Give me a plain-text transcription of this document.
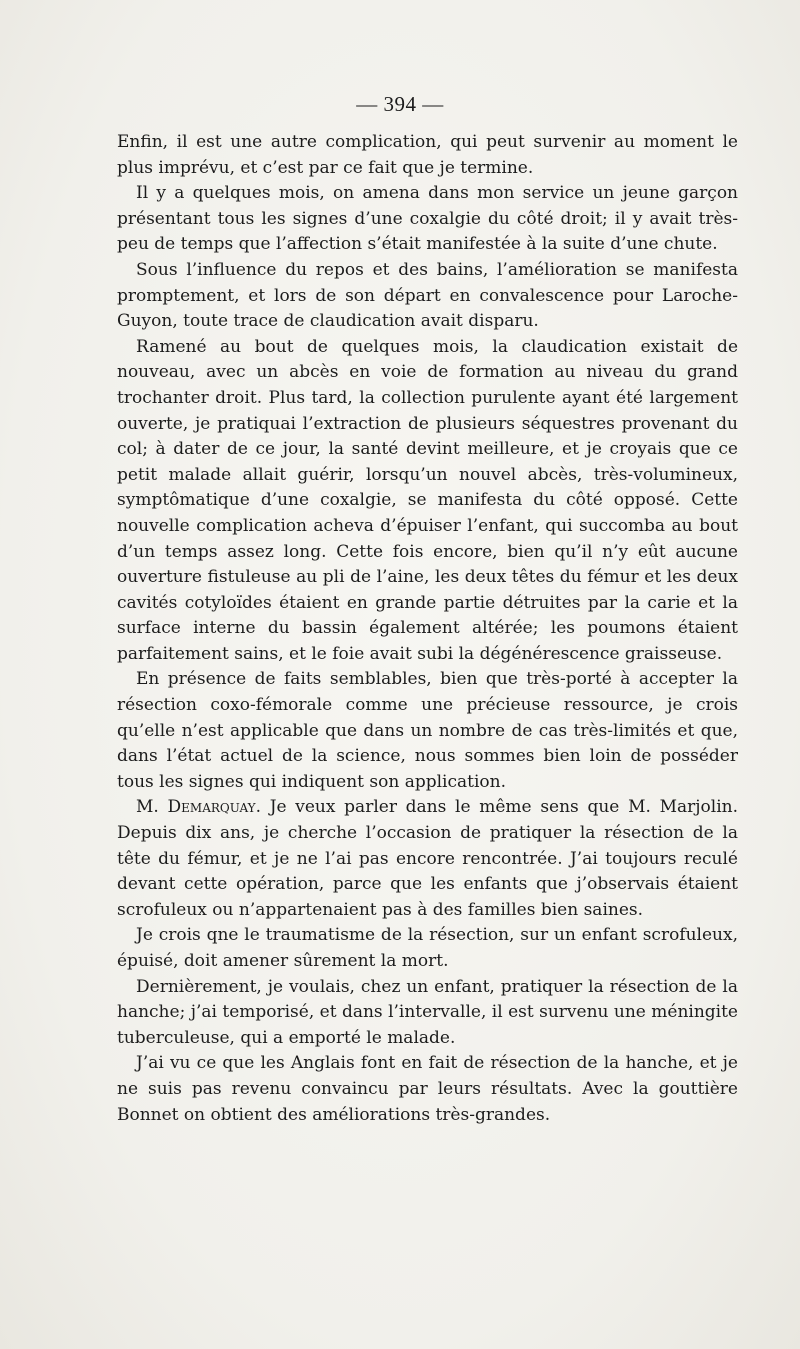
— 394 —

Enfin, il est une autre complication, qui peut survenir au moment le plus imprévu, et c’est par ce fait que je termine.

Il y a quelques mois, on amena dans mon service un jeune garçon présentant tous les signes d’une coxalgie du côté droit; il y avait très-peu de temps que l’affection s’était manifestée à la suite d’une chute.

Sous l’influence du repos et des bains, l’amélioration se manifesta promptement, et lors de son départ en convalescence pour Laroche-Guyon, toute trace de claudication avait disparu.

Ramené au bout de quelques mois, la claudication existait de nouveau, avec un abcès en voie de formation au niveau du grand trochanter droit. Plus tard, la collection purulente ayant été largement ouverte, je pratiquai l’extraction de plusieurs séquestres provenant du col; à dater de ce jour, la santé devint meilleure, et je croyais que ce petit malade allait guérir, lorsqu’un nouvel abcès, très-volumineux, symptômatique d’une coxalgie, se manifesta du côté opposé. Cette nouvelle complication acheva d’épuiser l’enfant, qui succomba au bout d’un temps assez long. Cette fois encore, bien qu’il n’y eût aucune ouverture fistuleuse au pli de l’aine, les deux têtes du fémur et les deux cavités cotyloïdes étaient en grande partie détruites par la carie et la surface interne du bassin également altérée; les poumons étaient parfaitement sains, et le foie avait subi la dégénérescence graisseuse.

En présence de faits semblables, bien que très-porté à accepter la résection coxo-fémorale comme une précieuse ressource, je crois qu’elle n’est applicable que dans un nombre de cas très-limités et que, dans l’état actuel de la science, nous sommes bien loin de posséder tous les signes qui indiquent son application.

M. Demarquay. Je veux parler dans le même sens que M. Marjolin. Depuis dix ans, je cherche l’occasion de pratiquer la résection de la tête du fémur, et je ne l’ai pas encore rencontrée. J’ai toujours reculé devant cette opération, parce que les enfants que j’observais étaient scrofuleux ou n’appartenaient pas à des familles bien saines.

Je crois qne le traumatisme de la résection, sur un enfant scrofuleux, épuisé, doit amener sûrement la mort.

Dernièrement, je voulais, chez un enfant, pratiquer la résection de la hanche; j’ai temporisé, et dans l’intervalle, il est survenu une méningite tuberculeuse, qui a emporté le malade.

J’ai vu ce que les Anglais font en fait de résection de la hanche, et je ne suis pas revenu convaincu par leurs résultats. Avec la gouttière Bonnet on obtient des améliorations très-grandes.
